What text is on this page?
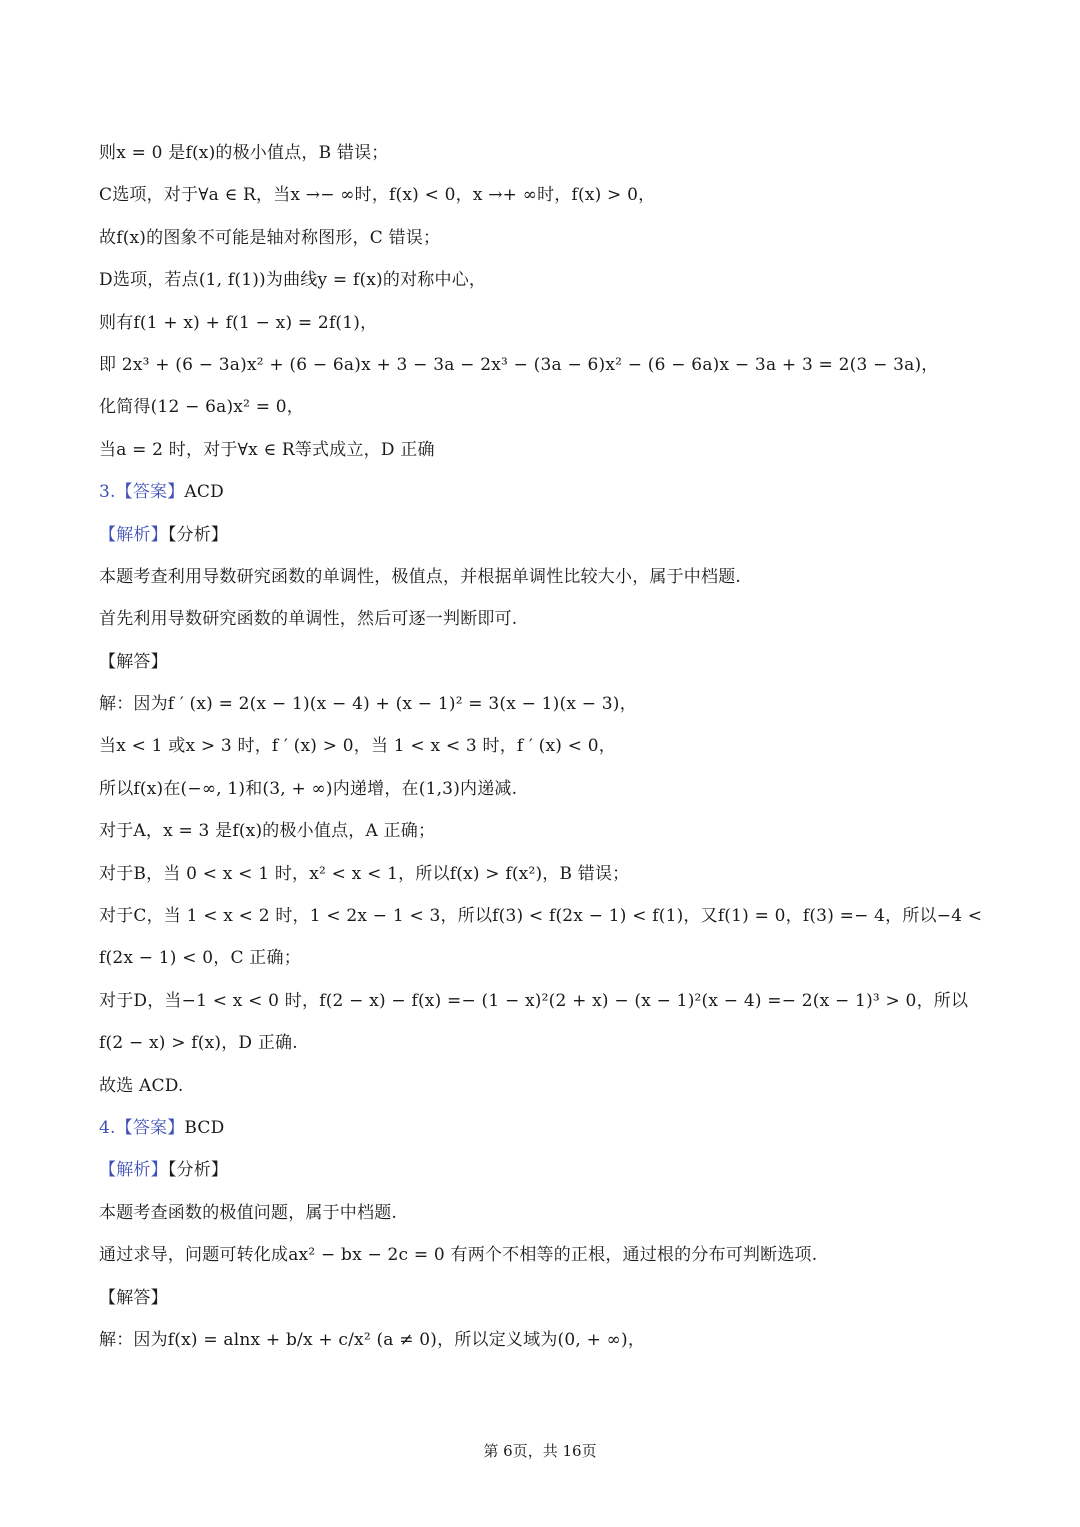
则x = 0 是f(x)的极小值点，B 错误；
C选项，对于∀a ∈ R，当x →− ∞时，f(x) < 0，x →+ ∞时，f(x) > 0，
故f(x)的图象不可能是轴对称图形，C 错误；
D选项，若点(1, f(1))为曲线y = f(x)的对称中心，
则有f(1 + x) + f(1 − x) = 2f(1)，
即 2x³ + (6 − 3a)x² + (6 − 6a)x + 3 − 3a − 2x³ − (3a − 6)x² − (6 − 6a)x − 3a + 3 = 2(3 − 3a)，
化简得(12 − 6a)x² = 0，
当a = 2 时，对于∀x ∈ R等式成立，D 正确
3.【答案】ACD
【解析】【分析】
本题考查利用导数研究函数的单调性，极值点，并根据单调性比较大小，属于中档题.
首先利用导数研究函数的单调性，然后可逐一判断即可.
【解答】
解：因为f ′ (x) = 2(x − 1)(x − 4) + (x − 1)² = 3(x − 1)(x − 3)，
当x < 1 或x > 3 时，f ′ (x) > 0，当 1 < x < 3 时，f ′ (x) < 0，
所以f(x)在(−∞, 1)和(3, + ∞)内递增，在(1,3)内递减.
对于A，x = 3 是f(x)的极小值点，A 正确；
对于B，当 0 < x < 1 时，x² < x < 1，所以f(x) > f(x²)，B 错误；
对于C，当 1 < x < 2 时，1 < 2x − 1 < 3，所以f(3) < f(2x − 1) < f(1)，又f(1) = 0，f(3) =− 4，所以−4 <
f(2x − 1) < 0，C 正确；
对于D，当−1 < x < 0 时，f(2 − x) − f(x) =− (1 − x)²(2 + x) − (x − 1)²(x − 4) =− 2(x − 1)³ > 0，所以
f(2 − x) > f(x)，D 正确.
故选 ACD.
4.【答案】BCD
【解析】【分析】
本题考查函数的极值问题，属于中档题.
通过求导，问题可转化成ax² − bx − 2c = 0 有两个不相等的正根，通过根的分布可判断选项.
【解答】
解：因为f(x) = alnx + b/x + c/x² (a ≠ 0)，所以定义域为(0, + ∞)，
第 6页，共 16页
